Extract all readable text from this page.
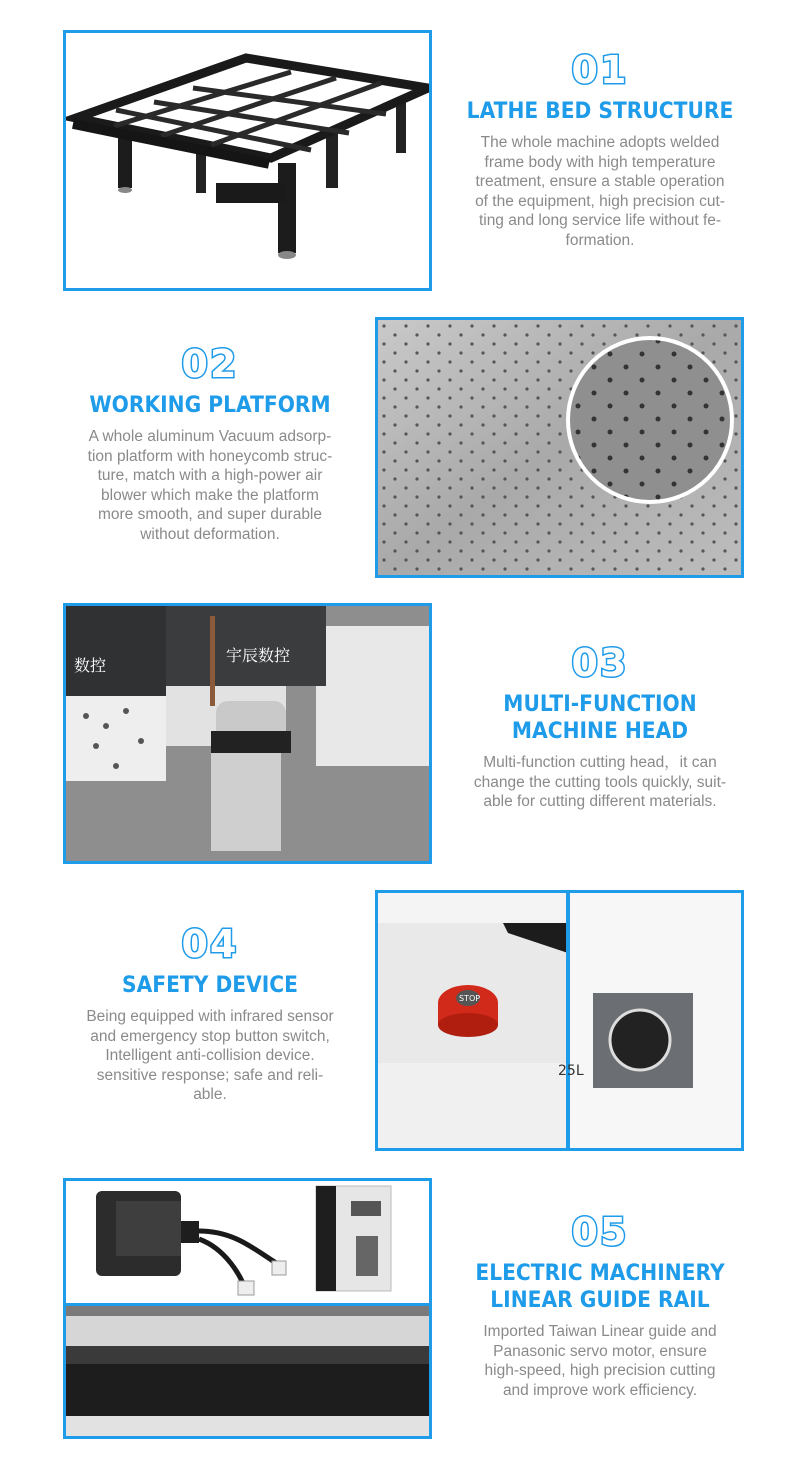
01
LATHE BED STRUCTURE
The whole machine adopts welded
frame body with high temperature
treatment, ensure a stable operation
of the equipment, high precision cut-
ting and long service life without fe-
formation.
02
WORKING PLATFORM
A whole aluminum Vacuum adsorp-
tion platform with honeycomb struc-
ture, match with a high-power air
blower which make the platform
more smooth, and super durable
without deformation.
宇辰数控
数控	03
MULTI-FUNCTION
MACHINE HEAD
Multi-function cutting head，it can
change the cutting tools quickly, suit-
able for cutting different materials.
04
SAFETY DEVICE
Being equipped with infrared sensor
and emergency stop button switch,
Intelligent anti-collision device.
sensitive response; safe and reli-
able.
STOP
25L
05
ELECTRIC MACHINERY
LINEAR GUIDE RAIL
Imported Taiwan Linear guide and
Panasonic servo motor, ensure
high-speed, high precision cutting
and improve work efficiency.
